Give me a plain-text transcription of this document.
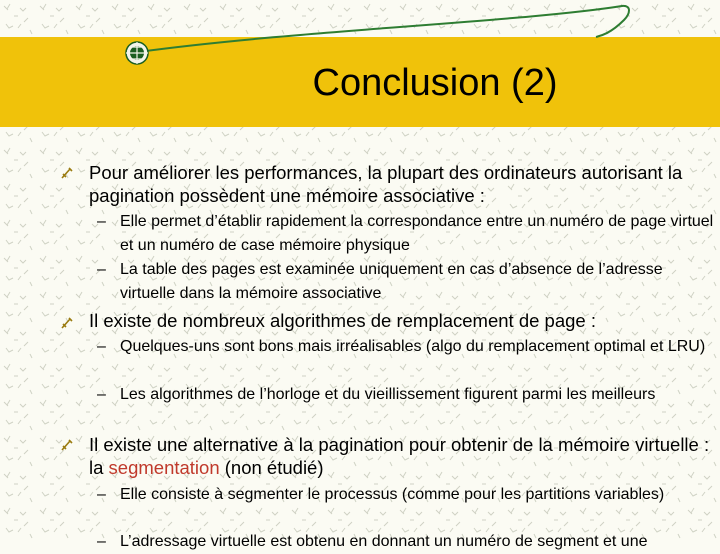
Conclusion (2)
Pour améliorer les performances, la plupart des ordinateurs autorisant la pagination possèdent une mémoire associative :
– Elle permet d’établir rapidement la correspondance entre un numéro de page virtuel et un numéro de case mémoire physique
– La table des pages est examinée uniquement en cas d’absence de l’adresse virtuelle dans la mémoire associative
Il existe de nombreux algorithmes de remplacement de page :
– Quelques-uns sont bons mais irréalisables (algo du remplacement optimal et LRU)
– Les algorithmes de l’horloge et du vieillissement figurent parmi les meilleurs
Il existe une alternative à la pagination pour obtenir de la mémoire virtuelle : la segmentation (non étudié)
– Elle consiste à segmenter le processus (comme pour les partitions variables)
– L’adressage virtuelle est obtenu en donnant un numéro de segment et une
